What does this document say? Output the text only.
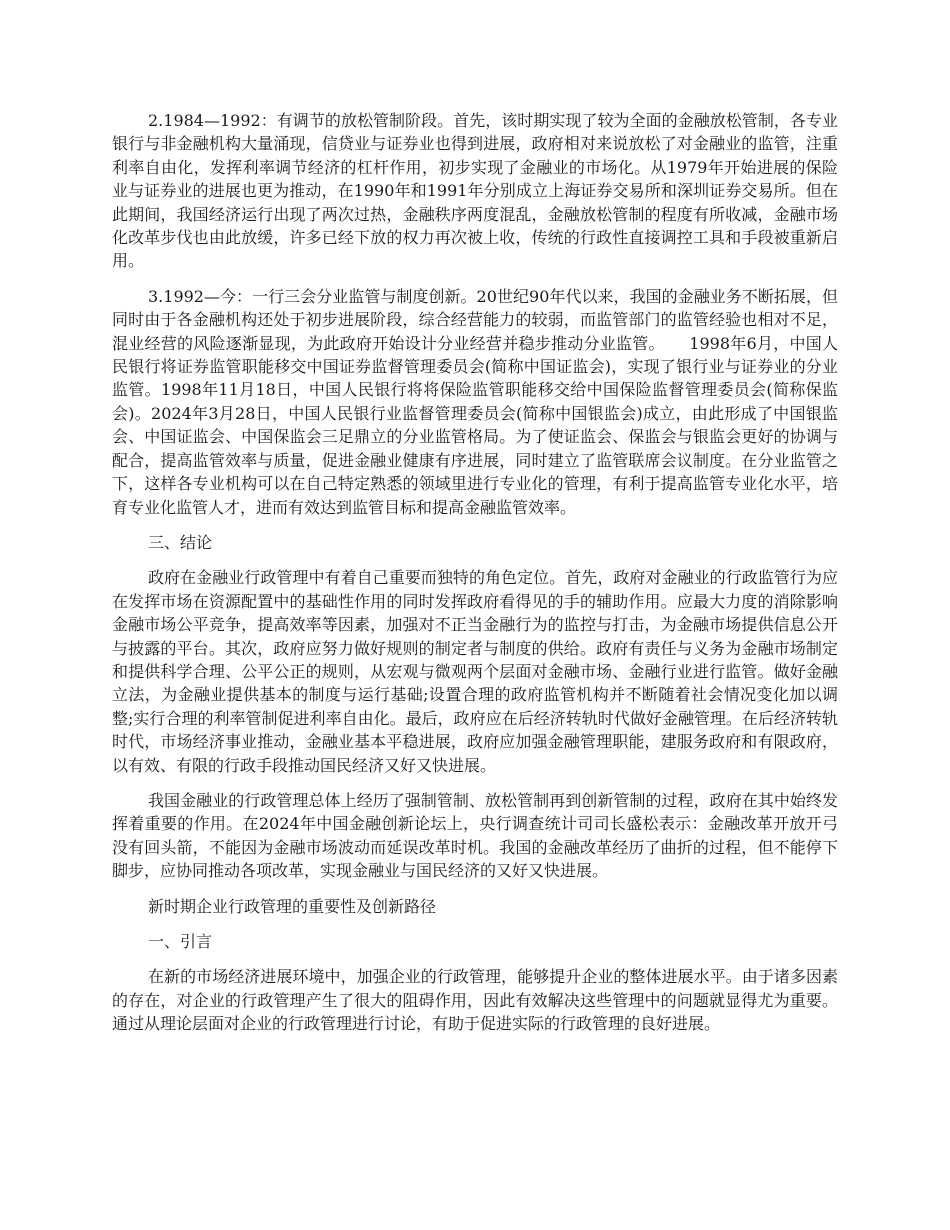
2.1984—1992：有调节的放松管制阶段。首先，该时期实现了较为全面的金融放松管制，各专业银行与非金融机构大量涌现，信贷业与证券业也得到进展，政府相对来说放松了对金融业的监管，注重利率自由化，发挥利率调节经济的杠杆作用，初步实现了金融业的市场化。从1979年开始进展的保险业与证券业的进展也更为推动，在1990年和1991年分别成立上海证券交易所和深圳证券交易所。但在此期间，我国经济运行出现了两次过热，金融秩序两度混乱，金融放松管制的程度有所收减，金融市场化改革步伐也由此放缓，许多已经下放的权力再次被上收，传统的行政性直接调控工具和手段被重新启用。

3.1992—今：一行三会分业监管与制度创新。20世纪90年代以来，我国的金融业务不断拓展，但同时由于各金融机构还处于初步进展阶段，综合经营能力的较弱，而监管部门的监管经验也相对不足，混业经营的风险逐渐显现，为此政府开始设计分业经营并稳步推动分业监管。　　1998年6月，中国人民银行将证券监管职能移交中国证券监督管理委员会(简称中国证监会)，实现了银行业与证券业的分业监管。1998年11月18日，中国人民银行将将保险监管职能移交给中国保险监督管理委员会(简称保监会)。2024年3月28日，中国人民银行业监督管理委员会(简称中国银监会)成立，由此形成了中国银监会、中国证监会、中国保监会三足鼎立的分业监管格局。为了使证监会、保监会与银监会更好的协调与配合，提高监管效率与质量，促进金融业健康有序进展，同时建立了监管联席会议制度。在分业监管之下，这样各专业机构可以在自己特定熟悉的领域里进行专业化的管理，有利于提高监管专业化水平，培育专业化监管人才，进而有效达到监管目标和提高金融监管效率。

三、结论

政府在金融业行政管理中有着自己重要而独特的角色定位。首先，政府对金融业的行政监管行为应在发挥市场在资源配置中的基础性作用的同时发挥政府看得见的手的辅助作用。应最大力度的消除影响金融市场公平竞争，提高效率等因素，加强对不正当金融行为的监控与打击，为金融市场提供信息公开与披露的平台。其次，政府应努力做好规则的制定者与制度的供给。政府有责任与义务为金融市场制定和提供科学合理、公平公正的规则，从宏观与微观两个层面对金融市场、金融行业进行监管。做好金融立法，为金融业提供基本的制度与运行基础;设置合理的政府监管机构并不断随着社会情况变化加以调整;实行合理的利率管制促进利率自由化。最后，政府应在后经济转轨时代做好金融管理。在后经济转轨时代，市场经济事业推动，金融业基本平稳进展，政府应加强金融管理职能，建服务政府和有限政府，以有效、有限的行政手段推动国民经济又好又快进展。

我国金融业的行政管理总体上经历了强制管制、放松管制再到创新管制的过程，政府在其中始终发挥着重要的作用。在2024年中国金融创新论坛上，央行调查统计司司长盛松表示：金融改革开放开弓没有回头箭，不能因为金融市场波动而延误改革时机。我国的金融改革经历了曲折的过程，但不能停下脚步，应协同推动各项改革，实现金融业与国民经济的又好又快进展。

新时期企业行政管理的重要性及创新路径

一、引言

在新的市场经济进展环境中，加强企业的行政管理，能够提升企业的整体进展水平。由于诸多因素的存在，对企业的行政管理产生了很大的阻碍作用，因此有效解决这些管理中的问题就显得尤为重要。通过从理论层面对企业的行政管理进行讨论，有助于促进实际的行政管理的良好进展。
